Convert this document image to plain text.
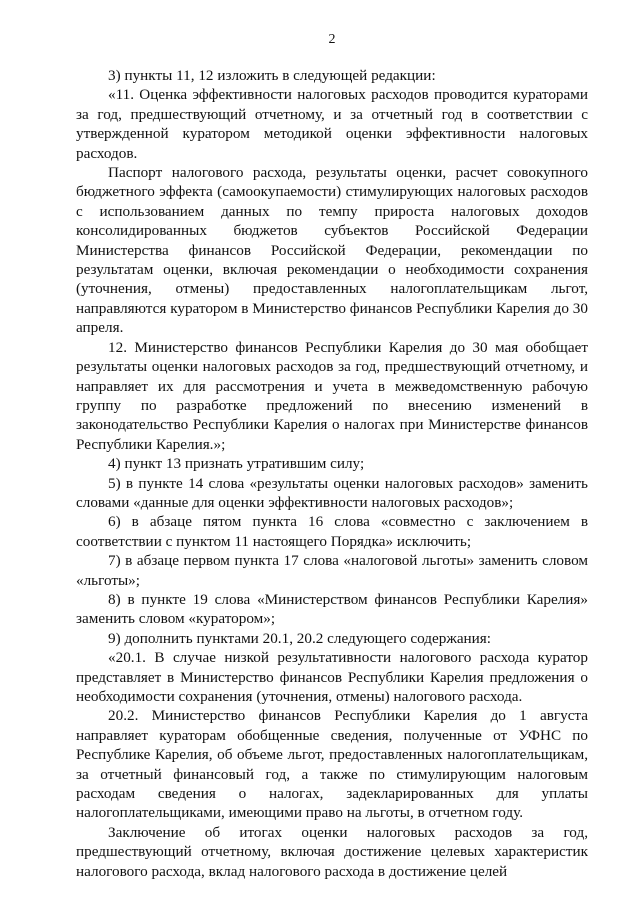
2

3) пункты 11, 12 изложить в следующей редакции:

«11. Оценка эффективности налоговых расходов проводится кураторами за год, предшествующий отчетному, и за отчетный год в соответствии с утвержденной куратором методикой оценки эффективности налоговых расходов.

Паспорт налогового расхода, результаты оценки, расчет совокупного бюджетного эффекта (самоокупаемости) стимулирующих налоговых расходов с использованием данных по темпу прироста налоговых доходов консолидированных бюджетов субъектов Российской Федерации Министерства финансов Российской Федерации, рекомендации по результатам оценки, включая рекомендации о необходимости сохранения (уточнения, отмены) предоставленных налогоплательщикам льгот, направляются куратором в Министерство финансов Республики Карелия до 30 апреля.

12. Министерство финансов Республики Карелия до 30 мая обобщает результаты оценки налоговых расходов за год, предшествующий отчетному, и направляет их для рассмотрения и учета в межведомственную рабочую группу по разработке предложений по внесению изменений в законодательство Республики Карелия о налогах при Министерстве финансов Республики Карелия.»;

4) пункт 13 признать утратившим силу;

5) в пункте 14 слова «результаты оценки налоговых расходов» заменить словами «данные для оценки эффективности налоговых расходов»;

6) в абзаце пятом пункта 16 слова «совместно с заключением в соответствии с пунктом 11 настоящего Порядка» исключить;

7) в абзаце первом пункта 17 слова «налоговой льготы» заменить словом «льготы»;

8) в пункте 19 слова «Министерством финансов Республики Карелия» заменить словом «куратором»;

9) дополнить пунктами 20.1, 20.2 следующего содержания:

«20.1. В случае низкой результативности налогового расхода куратор представляет в Министерство финансов Республики Карелия предложения о необходимости сохранения (уточнения, отмены) налогового расхода.

20.2. Министерство финансов Республики Карелия до 1 августа направляет кураторам обобщенные сведения, полученные от УФНС по Республике Карелия, об объеме льгот, предоставленных налогоплательщикам, за отчетный финансовый год, а также по стимулирующим налоговым расходам сведения о налогах, задекларированных для уплаты налогоплательщиками, имеющими право на льготы, в отчетном году.

Заключение об итогах оценки налоговых расходов за год, предшествующий отчетному, включая достижение целевых характеристик налогового расхода, вклад налогового расхода в достижение целей
